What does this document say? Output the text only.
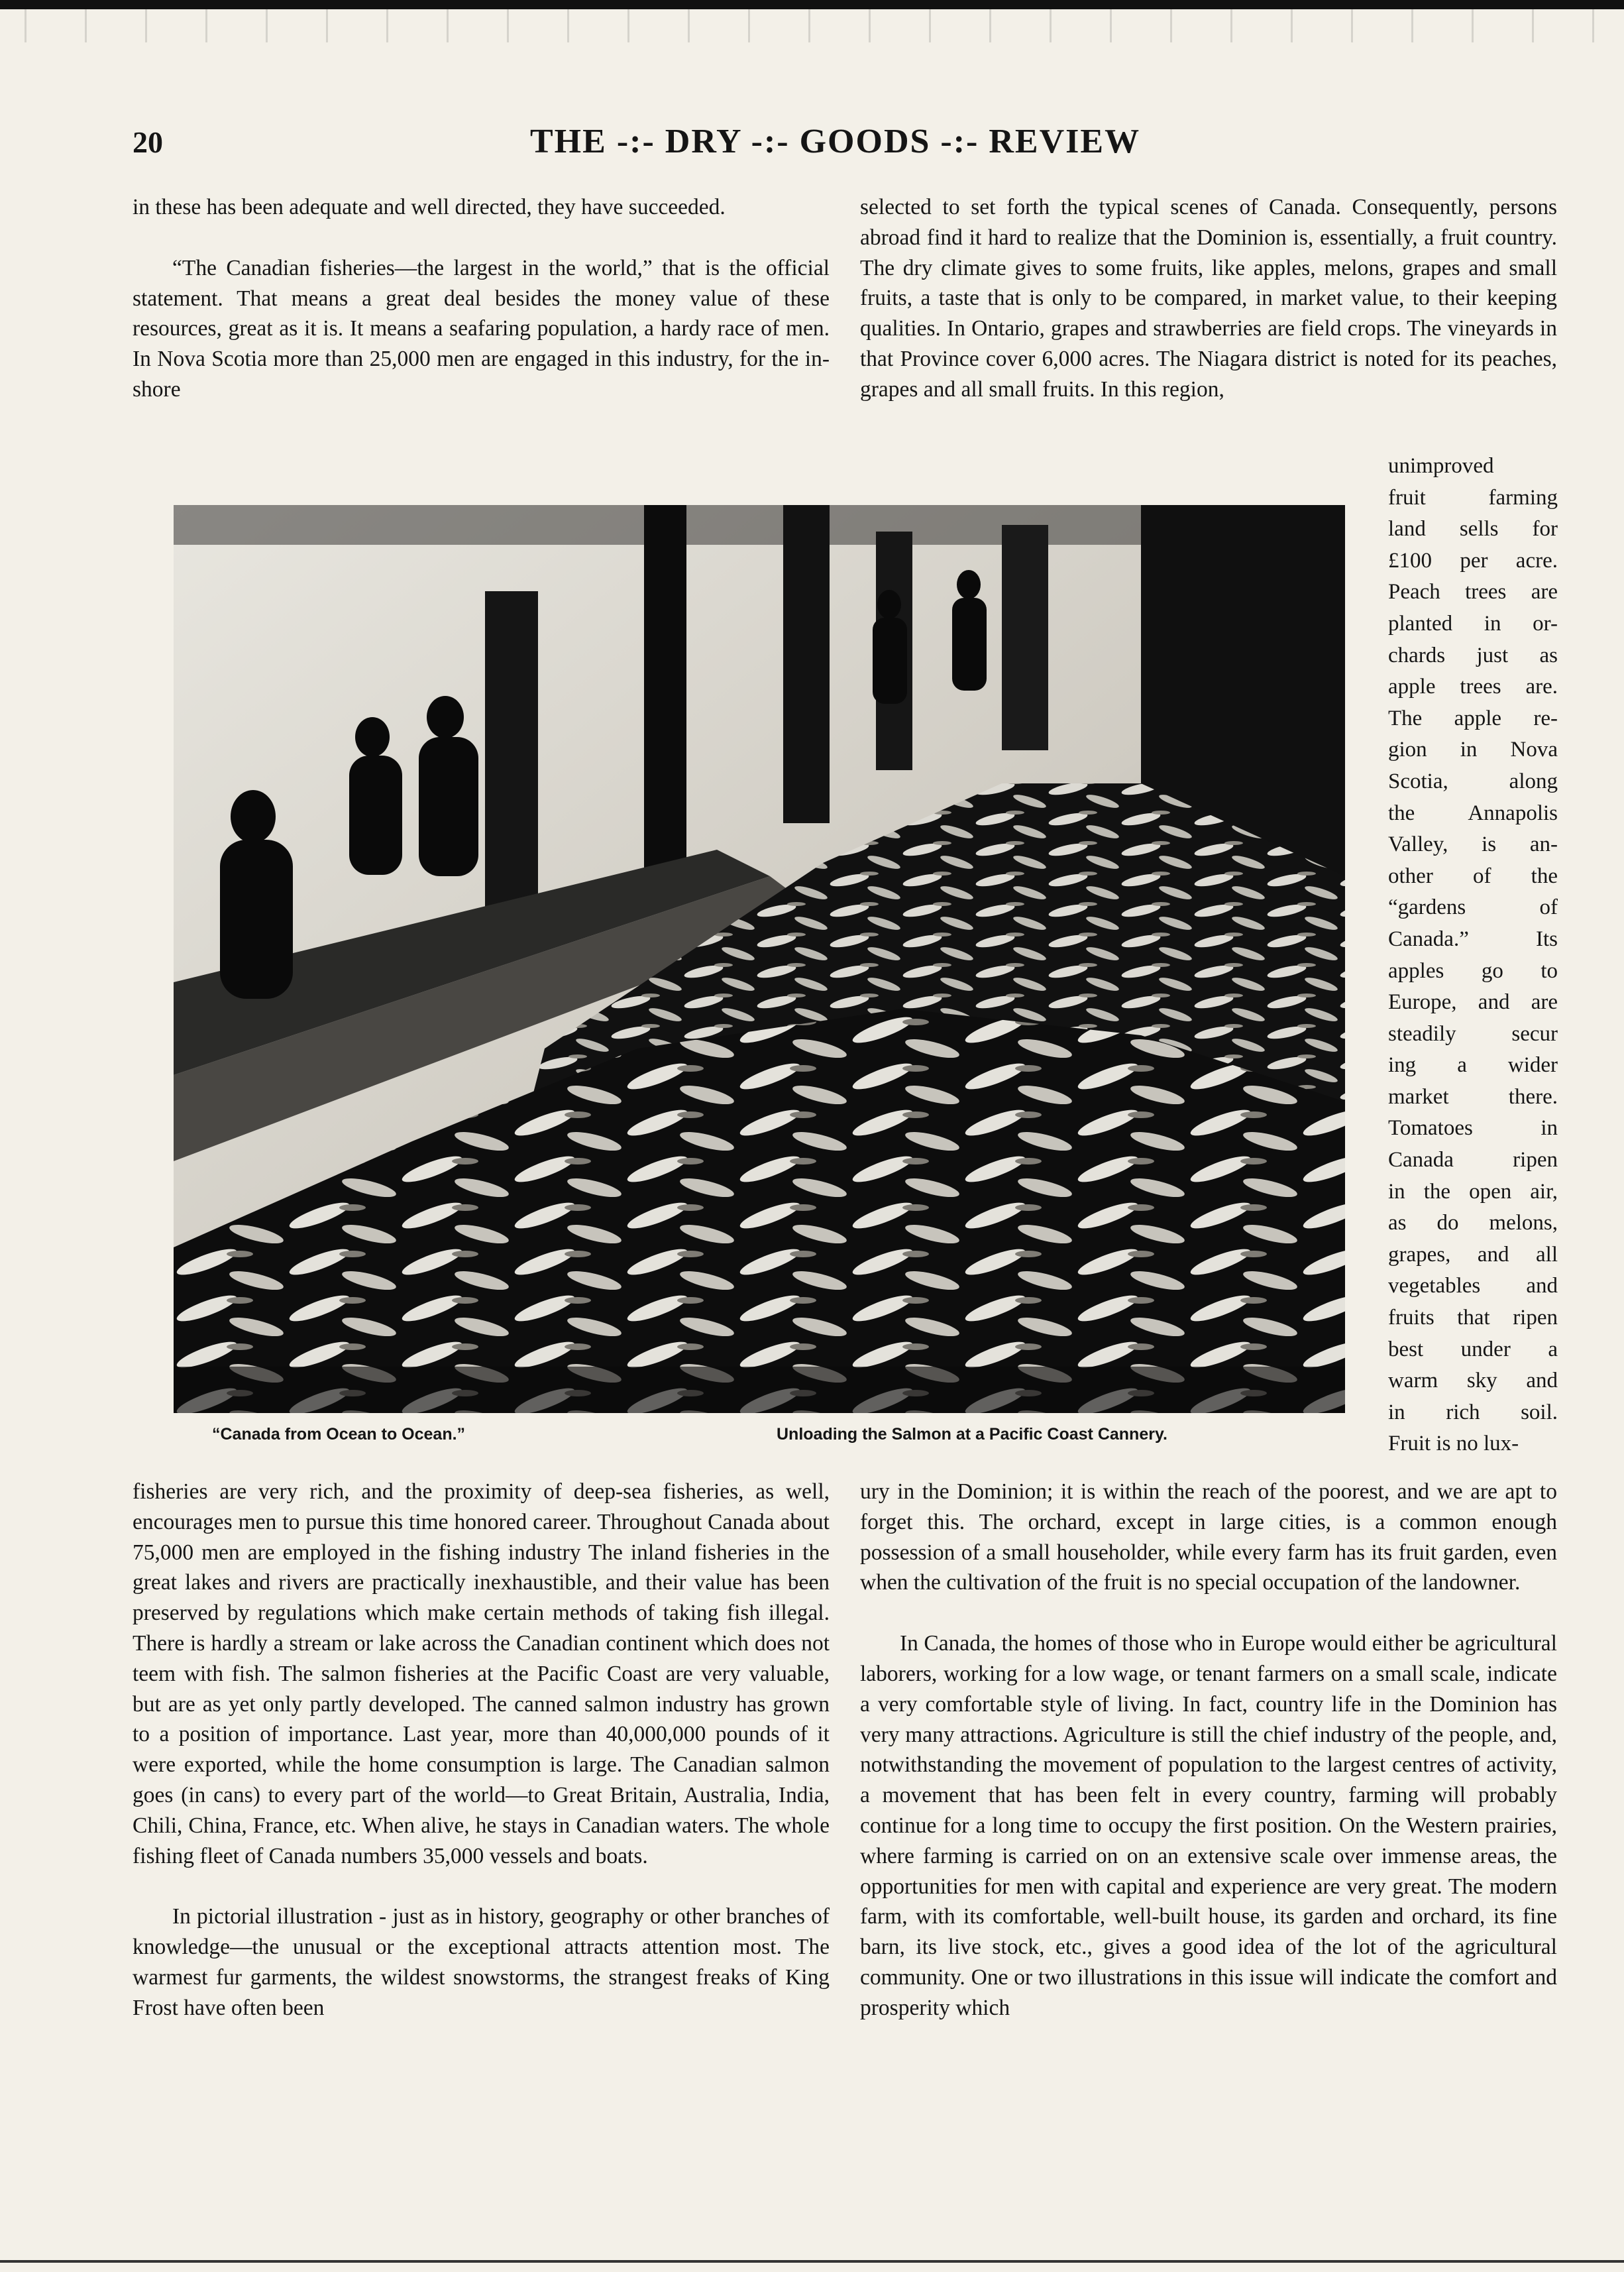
20	THE -:- DRY -:- GOODS -:- REVIEW

in these has been adequate and well directed, they have succeeded.

“The Canadian fisheries—the largest in the world,” that is the official statement. That means a great deal besides the money value of these resources, great as it is. It means a seafaring population, a hardy race of men. In Nova Scotia more than 25,000 men are engaged in this industry, for the in-shore

selected to set forth the typical scenes of Canada. Consequently, persons abroad find it hard to realize that the Dominion is, essentially, a fruit country. The dry climate gives to some fruits, like apples, melons, grapes and small fruits, a taste that is only to be compared, in market value, to their keeping qualities. In Ontario, grapes and strawberries are field crops. The vineyards in that Province cover 6,000 acres. The Niagara district is noted for its peaches, grapes and all small fruits. In this region,

unimproved
fruit farming
land sells for
£100 per acre.
Peach trees are
planted in or-
chards just as
apple trees are.
The apple re-
gion in Nova
Scotia, along
the Annapolis
Valley, is an-
other of the
“gardens of
Canada.” Its
apples go to
Europe, and are
steadily secur
ing a wider
market there.
Tomatoes in
Canada ripen
in the open air,
as do melons,
grapes, and all
vegetables and
fruits that ripen
best under a
warm sky and
in rich soil.
Fruit is no lux-
“Canada from Ocean to Ocean.”	Unloading the Salmon at a Pacific Coast Cannery.

fisheries are very rich, and the proximity of deep-sea fisheries, as well, encourages men to pursue this time honored career. Throughout Canada about 75,000 men are employed in the fishing industry The inland fisheries in the great lakes and rivers are practically inexhaustible, and their value has been preserved by regulations which make certain methods of taking fish illegal. There is hardly a stream or lake across the Canadian continent which does not teem with fish. The salmon fisheries at the Pacific Coast are very valuable, but are as yet only partly developed. The canned salmon industry has grown to a position of importance. Last year, more than 40,000,000 pounds of it were exported, while the home consumption is large. The Canadian salmon goes (in cans) to every part of the world—to Great Britain, Australia, India, Chili, China, France, etc. When alive, he stays in Canadian waters. The whole fishing fleet of Canada numbers 35,000 vessels and boats.

In pictorial illustration - just as in history, geography or other branches of knowledge—the unusual or the exceptional attracts attention most. The warmest fur garments, the wildest snowstorms, the strangest freaks of King Frost have often been

ury in the Dominion; it is within the reach of the poorest, and we are apt to forget this. The orchard, except in large cities, is a common enough possession of a small householder, while every farm has its fruit garden, even when the cultivation of the fruit is no special occupation of the landowner.

In Canada, the homes of those who in Europe would either be agricultural laborers, working for a low wage, or tenant farmers on a small scale, indicate a very comfortable style of living. In fact, country life in the Dominion has very many attractions. Agriculture is still the chief industry of the people, and, notwithstanding the movement of population to the largest centres of activity, a movement that has been felt in every country, farming will probably continue for a long time to occupy the first position. On the Western prairies, where farming is carried on on an extensive scale over immense areas, the opportunities for men with capital and experience are very great. The modern farm, with its comfortable, well-built house, its garden and orchard, its fine barn, its live stock, etc., gives a good idea of the lot of the agricultural community. One or two illustrations in this issue will indicate the comfort and prosperity which
